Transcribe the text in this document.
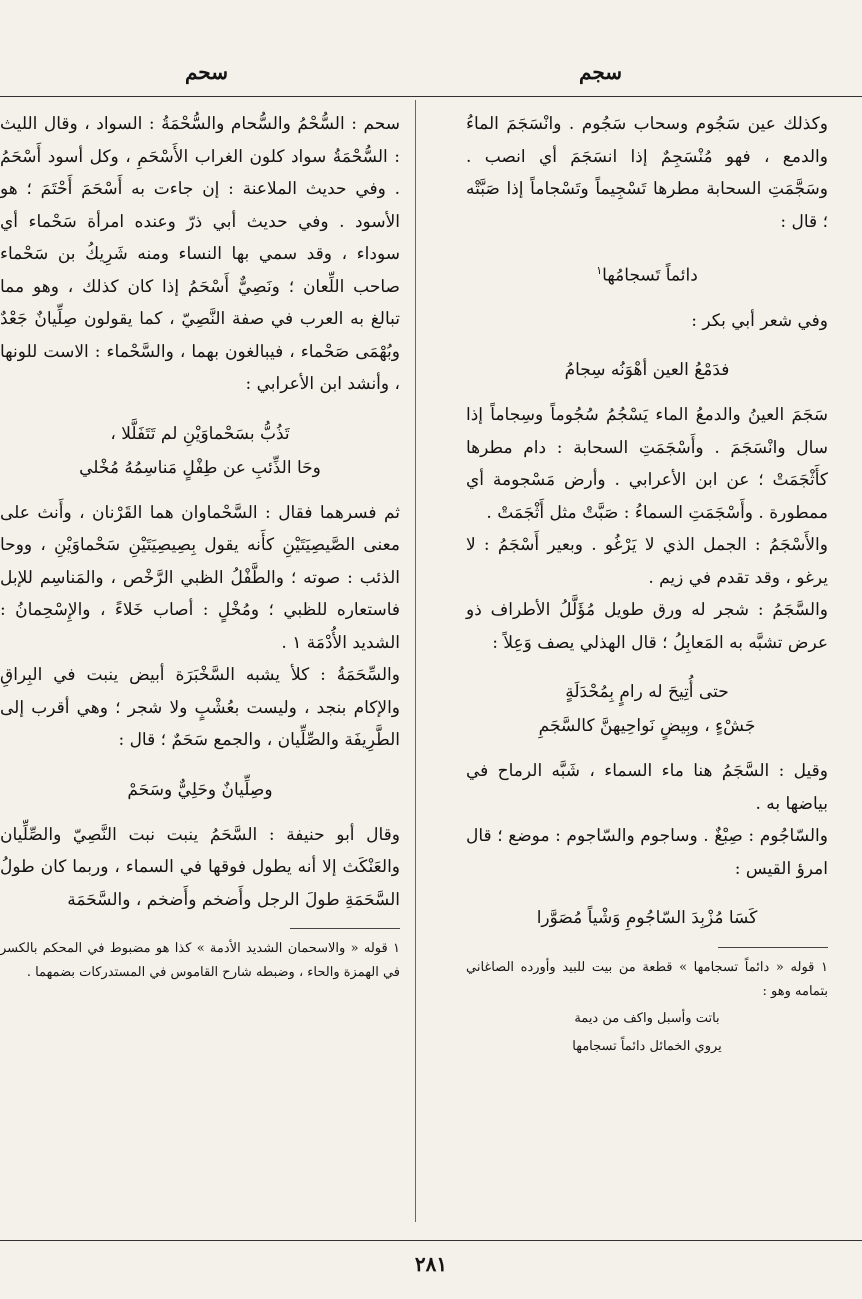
سجم
سحم

وكذلك عين سَجُوم وسحاب سَجُوم . وانْسَجَمَ الماءُ والدمع ، فهو مُنْسَجِمٌ إذا انسَجَمَ أي انصب . وسَجَّمَتِ السحابة مطرها تَسْجِيماً وتَسْجاماً إذا صَبَّتْه ؛ قال :

دائماً تَسجامُها$^١$

وفي شعر أبي بكر :

فدَمْعُ العين أهْوَنُه سِجامُ

سَجَمَ العينُ والدمعُ الماء يَسْجُمُ سُجُوماً وسِجاماً إذا سال وانْسَجَمَ . وأَسْجَمَتِ السحابة : دام مطرها كأَثْجَمَتْ ؛ عن ابن الأعرابي . وأرض مَسْجومة أي ممطورة . وأَسْجَمَتِ السماءُ : صَبَّتْ مثل أَثْجَمَتْ .

والأَسْجَمُ : الجمل الذي لا يَرْغُو . وبعير أَسْجَمُ : لا يرغو ، وقد تقدم في زيم .

والسَّجَمُ : شجر له ورق طويل مُؤَلَّلُ الأطراف ذو عرض تشبَّه به المَعابِلُ ؛ قال الهذلي يصف وَعِلاً :

حتى أُتِيحَ له رامٍ بِمُحْدَلَةٍ
جَشْءٍ ، وبِيضٍ نَواحِيهنَّ كالسَّجَمِ

وقيل : السَّجَمُ هنا ماء السماء ، شَبَّه الرماح في بياضها به .

والسّاجُوم : صِبْغٌ . وساجوم والسّاجوم : موضع ؛ قال امرؤ القيس :

كَسَا مُزْبِدَ السّاجُومِ وَشْياً مُصَوَّرا

١ قوله « دائماً تسجامها » قطعة من بيت للبيد وأورده الصاغاني بتمامه وهو :

باتت وأسبل واكف من ديمة

يروي الخمائل دائماً تسجامها

سحم : السُّحْمُ والسُّحام والسُّحْمَةُ : السواد ، وقال الليث : السُّحْمَةُ سواد كلون الغراب الأَسْحَمِ ، وكل أسود أَسْحَمُ . وفي حديث الملاعنة : إن جاءت به أَسْحَمَ أَحْتَمَ ؛ هو الأسود . وفي حديث أبي ذرّ وعنده امرأة سَحْماء أي سوداء ، وقد سمي بها النساء ومنه شَرِيكُ بن سَحْماء صاحب اللِّعان ؛ ونَصِيٌّ أَسْحَمُ إذا كان كذلك ، وهو مما تبالغ به العرب في صفة النَّصِيّ ، كما يقولون صِلِّيانٌ جَعْدٌ وبُهْمَى صَحْماء ، فيبالغون بهما ، والسَّحْماء : الاست للونها ، وأنشد ابن الأعرابي :

تَذُبُّ بسَحْماوَيْنِ لم تَتَفَلَّلا ،
وحَا الذِّئبِ عن طِفْلٍ مَناسِمُهُ مُخْلي

ثم فسرهما فقال : السَّحْماوان هما القَرْنان ، وأَنث على معنى الصَّيصِيَتَيْنِ كأَنه يقول بِصِيصِيَتَيْنِ سَحْماوَيْنِ ، ووحا الذئب : صوته ؛ والطَّفْلُ الظبي الرَّخْص ، والمَناسِم للإبل فاستعاره للظبي ؛ ومُخْلٍ : أصاب خَلاءً ، والإِسْحِمانُ : الشديد الأُدْمَة ١ .

والسِّحَمَةُ : كلأ يشبه السَّخْبَرَة أبيض ينبت في البِراقِ والإكام بنجد ، وليست بعُشْبٍ ولا شجر ؛ وهي أقرب إلى الطَّرِيفَة والصِّلِّيان ، والجمع سَحَمٌ ؛ قال :

وصِلِّيانٌ وحَلِيٌّ وسَحَمْ

وقال أبو حنيفة : السَّحَمُ ينبت نبت النَّصِيّ والصِّلِّيان والعَنْكَث إلا أنه يطول فوقها في السماء ، وربما كان طولُ السَّحَمَةِ طولَ الرجل وأَضخم وأَضخم ، والسَّحَمَة

١ قوله « والاسحمان الشديد الأدمة » كذا هو مضبوط في المحكم بالكسر في الهمزة والحاء ، وضبطه شارح القاموس في المستدركات بضمهما .

٢٨١
